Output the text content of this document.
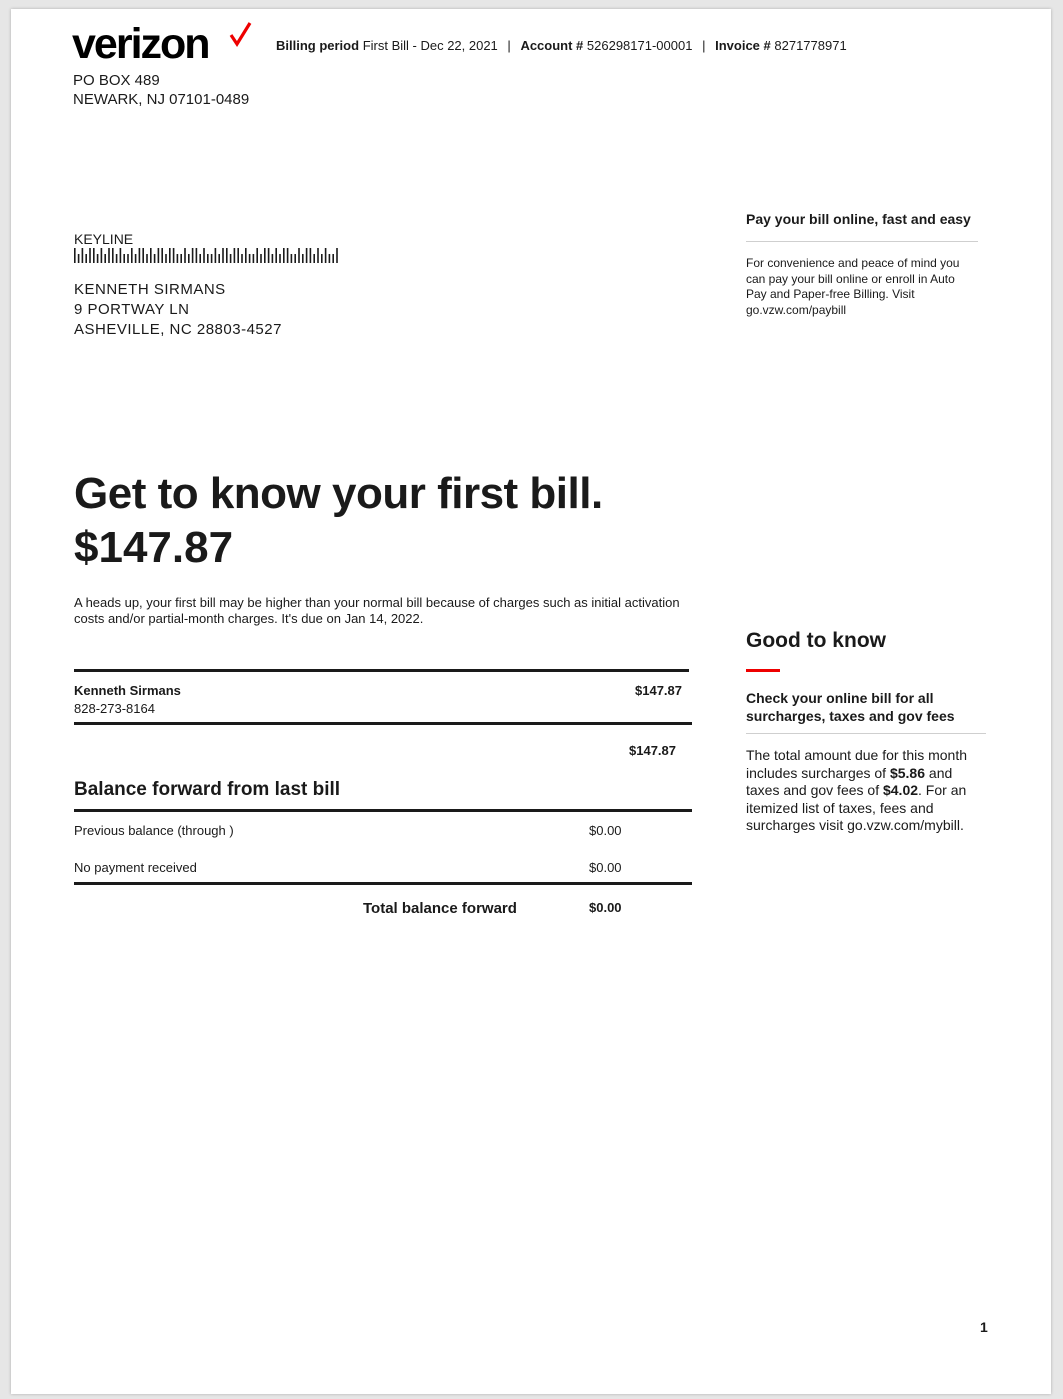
verizon	Billing period First Bill - Dec 22, 2021 | Account # 526298171-00001 | Invoice # 8271778971
PO BOX 489
NEWARK, NJ 07101-0489
KEYLINE
KENNETH SIRMANS
9 PORTWAY LN
ASHEVILLE, NC 28803-4527
Pay your bill online, fast and easy
For convenience and peace of mind you can pay your bill online or enroll in Auto Pay and Paper-free Billing. Visit go.vzw.com/paybill
Get to know your first bill.
$147.87
A heads up, your first bill may be higher than your normal bill because of charges such as initial activation costs and/or partial-month charges. It's due on Jan 14, 2022.
Kenneth Sirmans
828-273-8164
$147.87
$147.87
Balance forward from last bill
Previous balance (through )	$0.00
No payment received	$0.00
Total balance forward	$0.00
Good to know
Check your online bill for all surcharges, taxes and gov fees
The total amount due for this month includes surcharges of $5.86 and taxes and gov fees of $4.02. For an itemized list of taxes, fees and surcharges visit go.vzw.com/mybill.
1
